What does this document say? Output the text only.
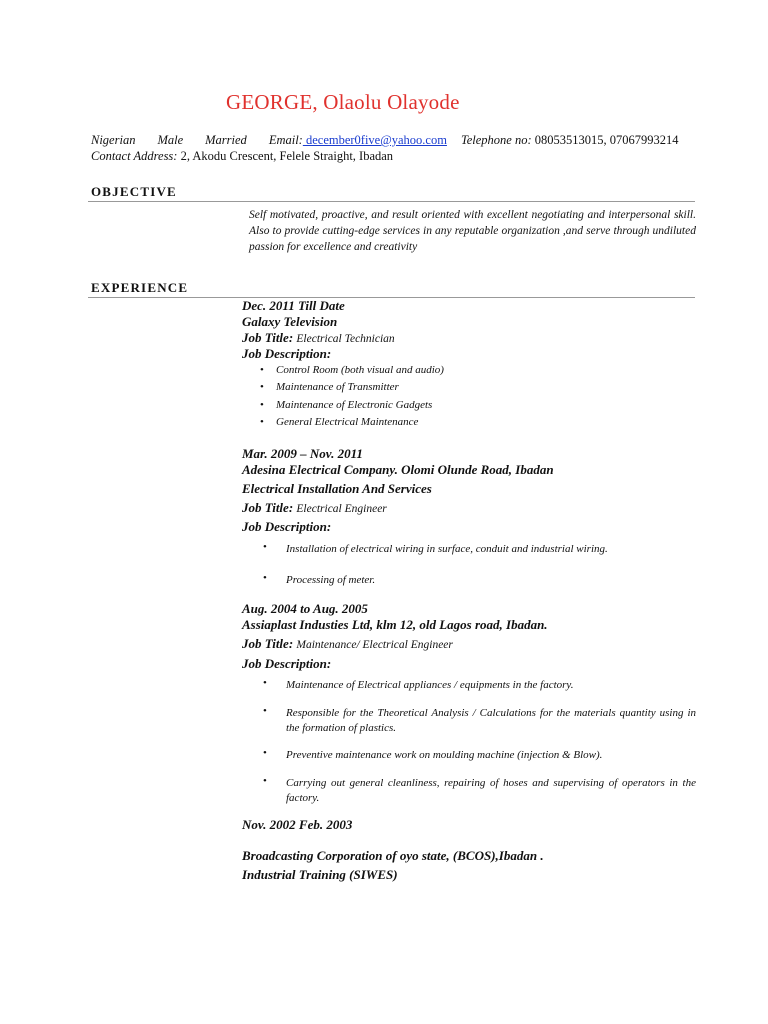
GEORGE, Olaolu Olayode
Nigerian Male Married Email: december0five@yahoo.com Telephone no: 08053513015, 07067993214
Contact Address: 2, Akodu Crescent, Felele Straight, Ibadan
OBJECTIVE
Self motivated, proactive, and result oriented with excellent negotiating and interpersonal skill. Also to provide cutting-edge services in any reputable organization ,and serve through undiluted passion for excellence and creativity
EXPERIENCE
Dec. 2011 Till Date
Galaxy Television
Job Title: Electrical Technician
Job Description:
• Control Room (both visual and audio)
• Maintenance of Transmitter
• Maintenance of Electronic Gadgets
• General Electrical Maintenance
Mar. 2009 – Nov. 2011
Adesina Electrical Company. Olomi Olunde Road, Ibadan
Electrical Installation And Services
Job Title: Electrical Engineer
Job Description:
• Installation of electrical wiring in surface, conduit and industrial wiring.
• Processing of meter.
Aug. 2004 to Aug. 2005
Assiaplast Industies Ltd, klm 12, old Lagos road, Ibadan.
Job Title: Maintenance/ Electrical Engineer
Job Description:
• Maintenance of Electrical appliances / equipments in the factory.
• Responsible for the Theoretical Analysis / Calculations for the materials quantity using in the formation of plastics.
• Preventive maintenance work on moulding machine (injection & Blow).
• Carrying out general cleanliness, repairing of hoses and supervising of operators in the factory.
Nov. 2002 Feb. 2003
Broadcasting Corporation of oyo state, (BCOS),Ibadan .
Industrial Training (SIWES)
